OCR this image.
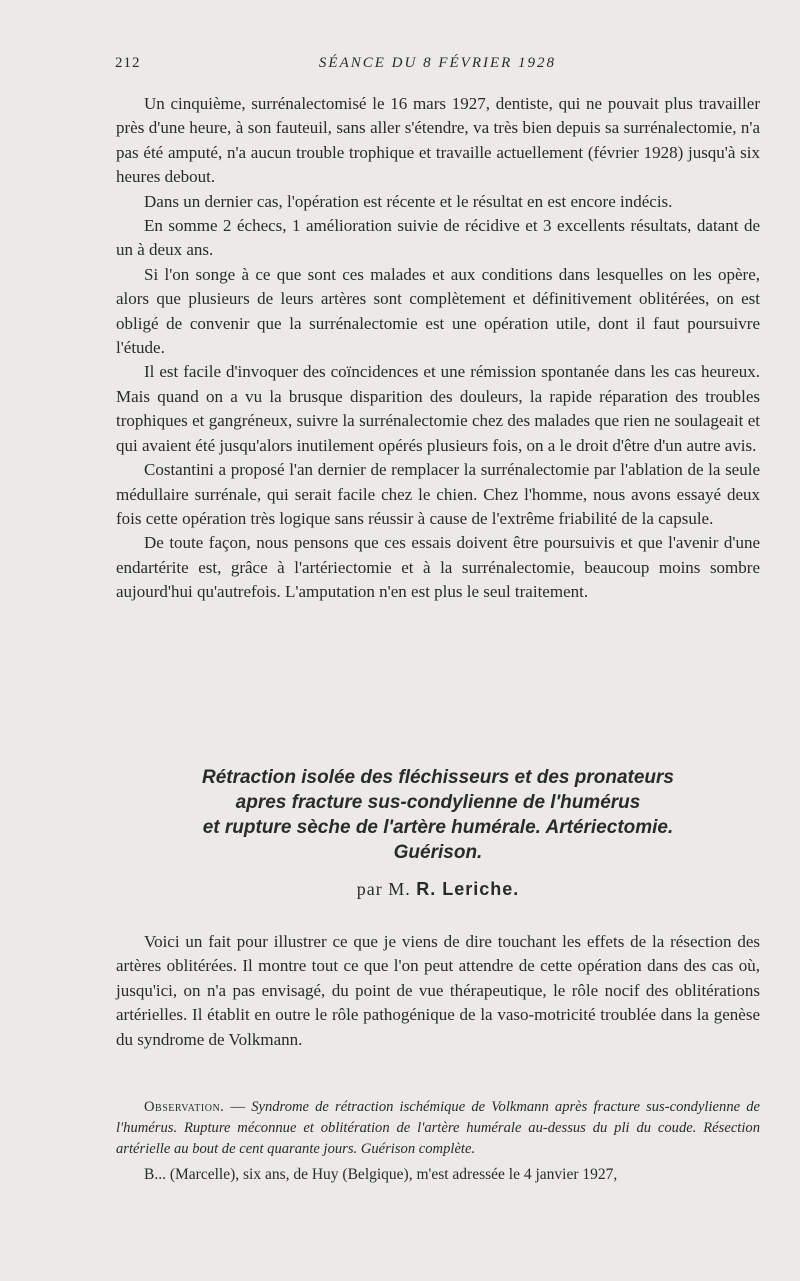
212	SÉANCE DU 8 FÉVRIER 1928

Un cinquième, surrénalectomisé le 16 mars 1927, dentiste, qui ne pouvait plus travailler près d'une heure, à son fauteuil, sans aller s'étendre, va très bien depuis sa surrénalectomie, n'a pas été amputé, n'a aucun trouble trophique et travaille actuellement (février 1928) jusqu'à six heures debout.

Dans un dernier cas, l'opération est récente et le résultat en est encore indécis.

En somme 2 échecs, 1 amélioration suivie de récidive et 3 excellents résultats, datant de un à deux ans.

Si l'on songe à ce que sont ces malades et aux conditions dans lesquelles on les opère, alors que plusieurs de leurs artères sont complètement et définitivement oblitérées, on est obligé de convenir que la surrénalectomie est une opération utile, dont il faut poursuivre l'étude.

Il est facile d'invoquer des coïncidences et une rémission spontanée dans les cas heureux. Mais quand on a vu la brusque disparition des douleurs, la rapide réparation des troubles trophiques et gangréneux, suivre la surrénalectomie chez des malades que rien ne soulageait et qui avaient été jusqu'alors inutilement opérés plusieurs fois, on a le droit d'être d'un autre avis.

Costantini a proposé l'an dernier de remplacer la surrénalectomie par l'ablation de la seule médullaire surrénale, qui serait facile chez le chien. Chez l'homme, nous avons essayé deux fois cette opération très logique sans réussir à cause de l'extrême friabilité de la capsule.

De toute façon, nous pensons que ces essais doivent être poursuivis et que l'avenir d'une endartérite est, grâce à l'artériectomie et à la surrénalectomie, beaucoup moins sombre aujourd'hui qu'autrefois. L'amputation n'en est plus le seul traitement.

Rétraction isolée des fléchisseurs et des pronateurs
apres fracture sus-condylienne de l'humérus
et rupture sèche de l'artère humérale. Artériectomie.
Guérison.
par M. R. Leriche.

Voici un fait pour illustrer ce que je viens de dire touchant les effets de la résection des artères oblitérées. Il montre tout ce que l'on peut attendre de cette opération dans des cas où, jusqu'ici, on n'a pas envisagé, du point de vue thérapeutique, le rôle nocif des oblitérations artérielles. Il établit en outre le rôle pathogénique de la vaso-motricité troublée dans la genèse du syndrome de Volkmann.

Observation. — Syndrome de rétraction ischémique de Volkmann après fracture sus-condylienne de l'humérus. Rupture méconnue et oblitération de l'artère humérale au-dessus du pli du coude. Résection artérielle au bout de cent quarante jours. Guérison complète.

B... (Marcelle), six ans, de Huy (Belgique), m'est adressée le 4 janvier 1927,
